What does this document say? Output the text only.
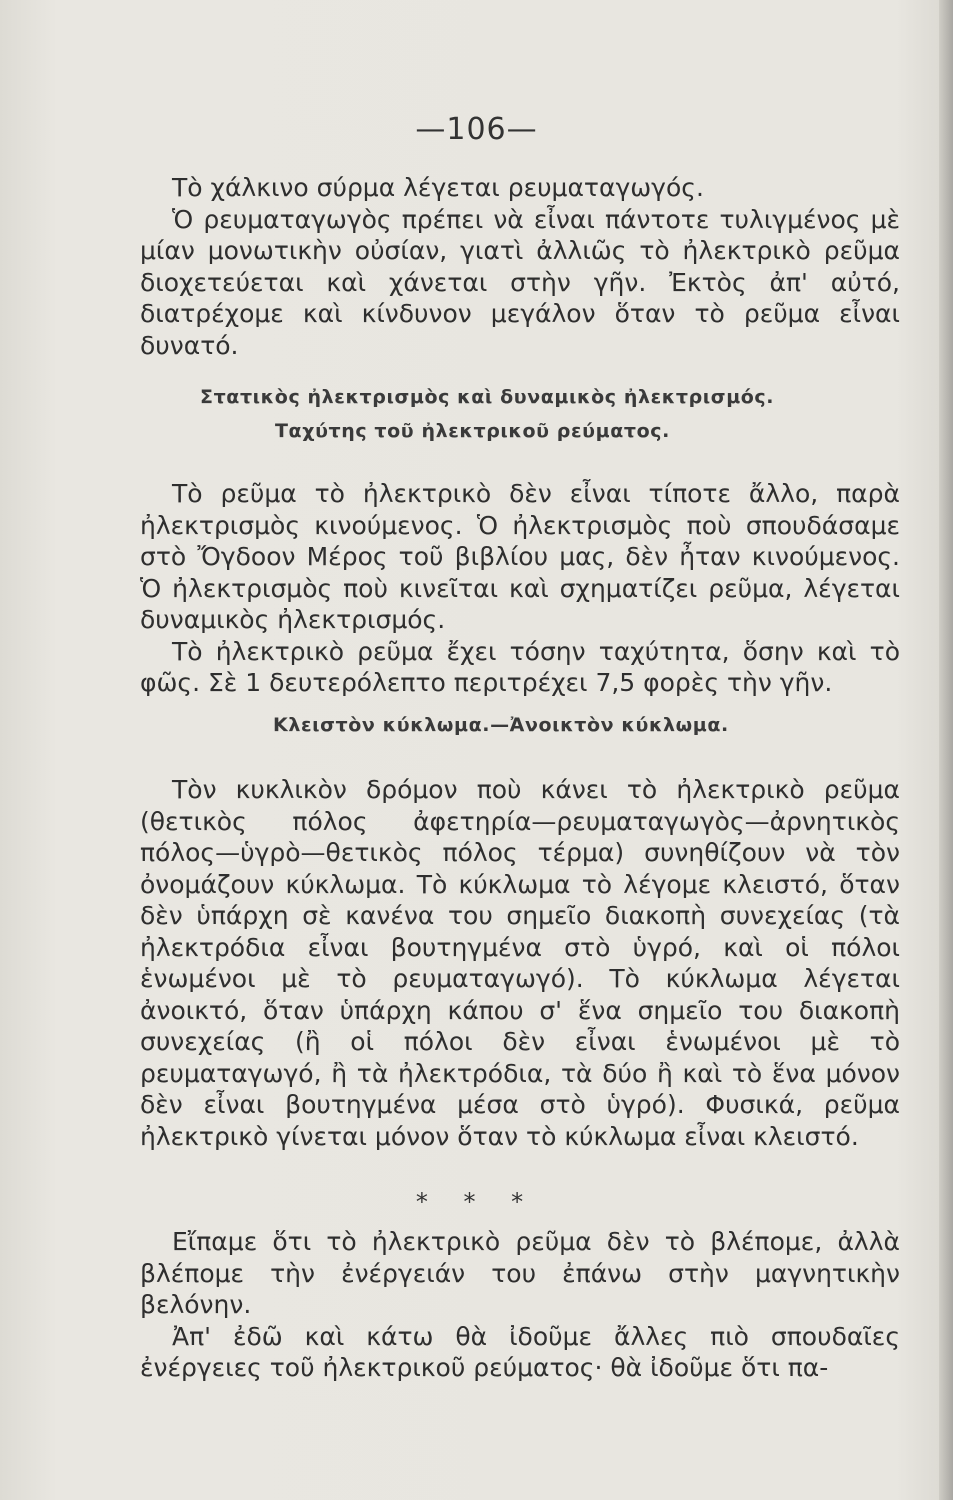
—106—

Τὸ χάλκινο σύρμα λέγεται ρευματαγωγός.

Ὁ ρευματαγωγὸς πρέπει νὰ εἶναι πάντοτε τυλιγμένος μὲ μίαν μονωτικὴν οὐσίαν, γιατὶ ἀλλιῶς τὸ ἠλεκτρικὸ ρεῦμα διοχετεύεται καὶ χάνεται στὴν γῆν. Ἐκτὸς ἀπ' αὐτό, διατρέχομε καὶ κίνδυνον μεγάλον ὅταν τὸ ρεῦμα εἶναι δυνατό.

Στατικὸς ἠλεκτρισμὸς καὶ δυναμικὸς ἠλεκτρισμός.
Ταχύτης τοῦ ἠλεκτρικοῦ ρεύματος.

Τὸ ρεῦμα τὸ ἠλεκτρικὸ δὲν εἶναι τίποτε ἄλλο, παρὰ ἠλεκτρισμὸς κινούμενος. Ὁ ἠλεκτρισμὸς ποὺ σπουδάσαμε στὸ Ὄγδοον Μέρος τοῦ βιβλίου μας, δὲν ἦταν κινούμενος. Ὁ ἠλεκτρισμὸς ποὺ κινεῖται καὶ σχηματίζει ρεῦμα, λέγεται δυναμικὸς ἠλεκτρισμός.

Τὸ ἠλεκτρικὸ ρεῦμα ἔχει τόσην ταχύτητα, ὅσην καὶ τὸ φῶς. Σὲ 1 δευτερόλεπτο περιτρέχει 7,5 φορὲς τὴν γῆν.

Κλειστὸν κύκλωμα.—Ἀνοικτὸν κύκλωμα.

Τὸν κυκλικὸν δρόμον ποὺ κάνει τὸ ἠλεκτρικὸ ρεῦμα (θετικὸς πόλος ἀφετηρία—ρευματαγωγὸς—ἀρνητικὸς πόλος—ὑγρὸ—θετικὸς πόλος τέρμα) συνηθίζουν νὰ τὸν ὀνομάζουν κύκλωμα. Τὸ κύκλωμα τὸ λέγομε κλειστό, ὅταν δὲν ὑπάρχη σὲ κανένα του σημεῖο διακοπὴ συνεχείας (τὰ ἠλεκτρόδια εἶναι βουτηγμένα στὸ ὑγρό, καὶ οἱ πόλοι ἑνωμένοι μὲ τὸ ρευματαγωγό). Τὸ κύκλωμα λέγεται ἀνοικτό, ὅταν ὑπάρχη κάπου σ' ἕνα σημεῖο του διακοπὴ συνεχείας (ἢ οἱ πόλοι δὲν εἶναι ἑνωμένοι μὲ τὸ ρευματαγωγό, ἢ τὰ ἠλεκτρόδια, τὰ δύο ἢ καὶ τὸ ἕνα μόνον δὲν εἶναι βουτηγμένα μέσα στὸ ὑγρό). Φυσικά, ρεῦμα ἠλεκτρικὸ γίνεται μόνον ὅταν τὸ κύκλωμα εἶναι κλειστό.

* * *

Εἴπαμε ὅτι τὸ ἠλεκτρικὸ ρεῦμα δὲν τὸ βλέπομε, ἀλλὰ βλέπομε τὴν ἐνέργειάν του ἐπάνω στὴν μαγνητικὴν βελόνην.

Ἀπ' ἐδῶ καὶ κάτω θὰ ἰδοῦμε ἄλλες πιὸ σπουδαῖες ἐνέργειες τοῦ ἠλεκτρικοῦ ρεύματος· θὰ ἰδοῦμε ὅτι πα-
